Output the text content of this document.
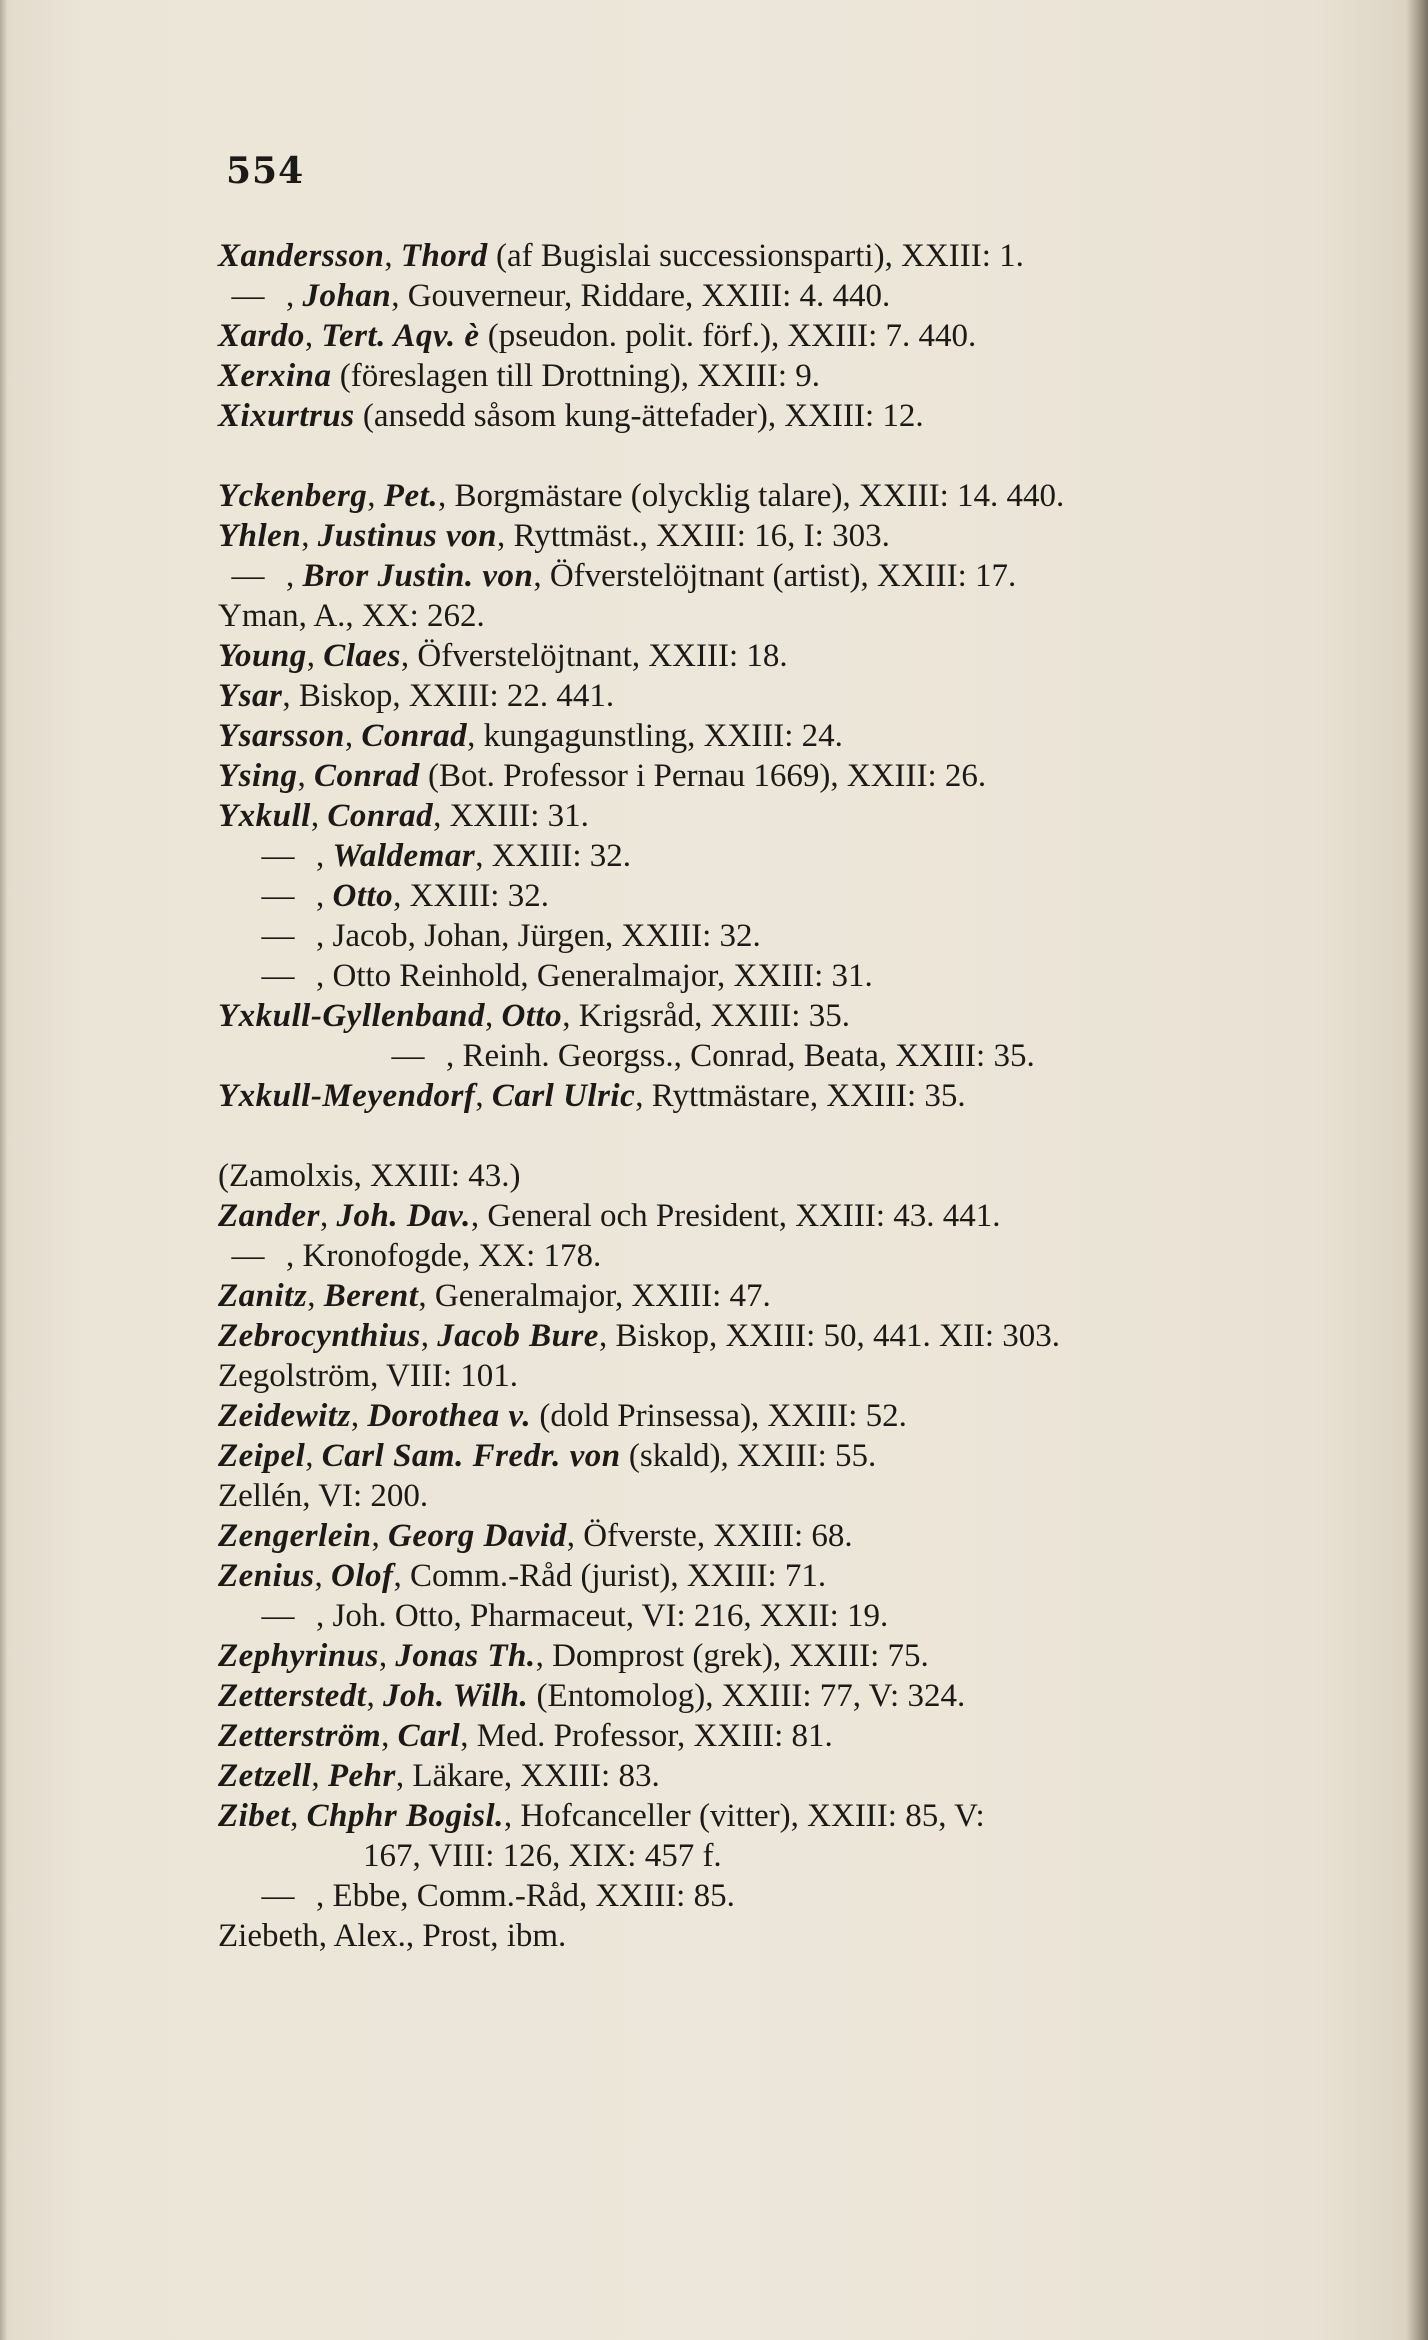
554
Xandersson, Thord (af Bugislai successionsparti), XXIII: 1.
— , Johan, Gouverneur, Riddare, XXIII: 4. 440.
Xardo, Tert. Aqv. è (pseudon. polit. förf.), XXIII: 7. 440.
Xerxina (föreslagen till Drottning), XXIII: 9.
Xixurtrus (ansedd såsom kung-ättefader), XXIII: 12.
Yckenberg, Pet., Borgmästare (olycklig talare), XXIII: 14. 440.
Yhlen, Justinus von, Ryttmäst., XXIII: 16, I: 303.
— , Bror Justin. von, Öfverstelöjtnant (artist), XXIII: 17.
Yman, A., XX: 262.
Young, Claes, Öfverstelöjtnant, XXIII: 18.
Ysar, Biskop, XXIII: 22. 441.
Ysarsson, Conrad, kungagunstling, XXIII: 24.
Ysing, Conrad (Bot. Professor i Pernau 1669), XXIII: 26.
Yxkull, Conrad, XXIII: 31.
— , Waldemar, XXIII: 32.
— , Otto, XXIII: 32.
— , Jacob, Johan, Jürgen, XXIII: 32.
— , Otto Reinhold, Generalmajor, XXIII: 31.
Yxkull-Gyllenband, Otto, Krigsråd, XXIII: 35.
— , Reinh. Georgss., Conrad, Beata, XXIII: 35.
Yxkull-Meyendorf, Carl Ulric, Ryttmästare, XXIII: 35.
(Zamolxis, XXIII: 43.)
Zander, Joh. Dav., General och President, XXIII: 43. 441.
— , Kronofogde, XX: 178.
Zanitz, Berent, Generalmajor, XXIII: 47.
Zebrocynthius, Jacob Bure, Biskop, XXIII: 50, 441. XII: 303.
Zegolström, VIII: 101.
Zeidewitz, Dorothea v. (dold Prinsessa), XXIII: 52.
Zeipel, Carl Sam. Fredr. von (skald), XXIII: 55.
Zellén, VI: 200.
Zengerlein, Georg David, Öfverste, XXIII: 68.
Zenius, Olof, Comm.-Råd (jurist), XXIII: 71.
— , Joh. Otto, Pharmaceut, VI: 216, XXII: 19.
Zephyrinus, Jonas Th., Domprost (grek), XXIII: 75.
Zetterstedt, Joh. Wilh. (Entomolog), XXIII: 77, V: 324.
Zetterström, Carl, Med. Professor, XXIII: 81.
Zetzell, Pehr, Läkare, XXIII: 83.
Zibet, Chphr Bogisl., Hofcanceller (vitter), XXIII: 85, V:
167, VIII: 126, XIX: 457 f.
— , Ebbe, Comm.-Råd, XXIII: 85.
Ziebeth, Alex., Prost, ibm.
